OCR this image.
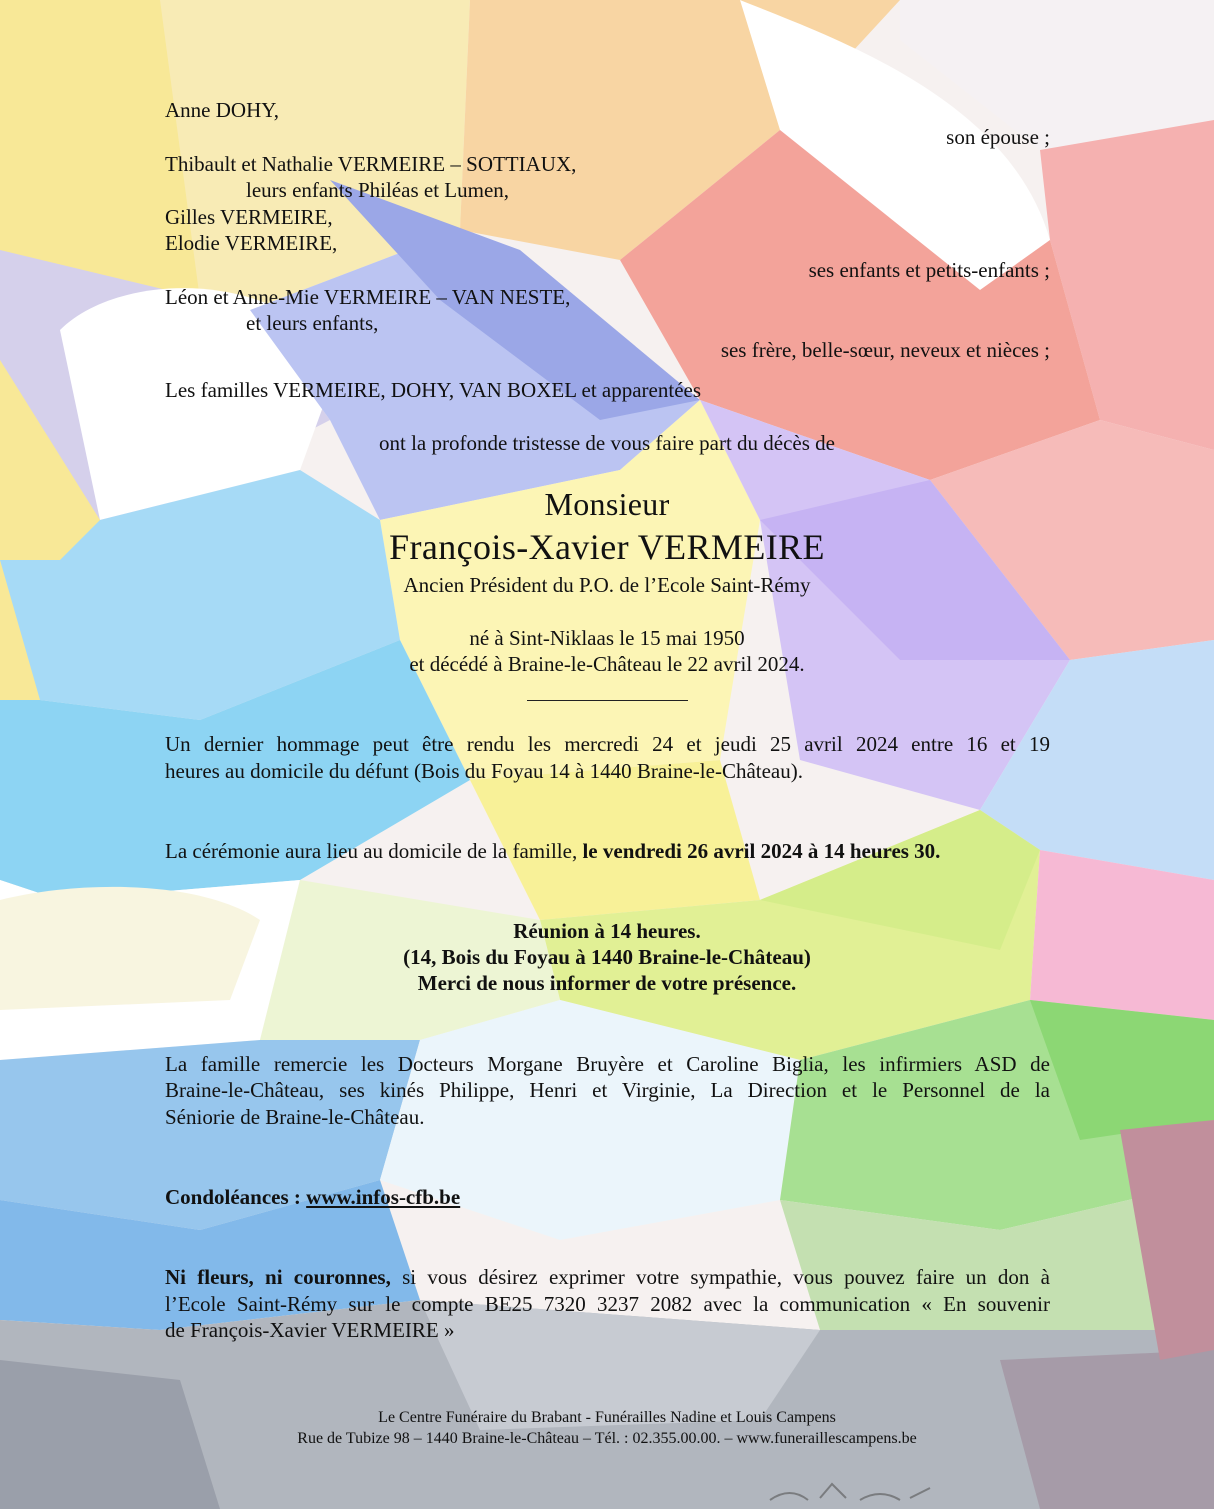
Anne DOHY,
son épouse ;
Thibault et Nathalie VERMEIRE – SOTTIAUX,
leurs enfants Philéas et Lumen,
Gilles VERMEIRE,
Elodie VERMEIRE,
ses enfants et petits-enfants ;
Léon et Anne-Mie VERMEIRE – VAN NESTE,
et leurs enfants,
ses frère, belle-sœur, neveux et nièces ;
Les familles VERMEIRE, DOHY, VAN BOXEL et apparentées
ont la profonde tristesse de vous faire part du décès de
Monsieur
François-Xavier VERMEIRE
Ancien Président du P.O. de l’Ecole Saint-Rémy
né à Sint-Niklaas le 15 mai 1950
et décédé à Braine-le-Château le 22 avril 2024.
Un dernier hommage peut être rendu les mercredi 24 et jeudi 25 avril 2024 entre 16 et 19
heures au domicile du défunt (Bois du Foyau 14 à 1440 Braine-le-Château).
La cérémonie aura lieu au domicile de la famille, le vendredi 26 avril 2024 à 14 heures 30.
Réunion à 14 heures.
(14, Bois du Foyau à 1440 Braine-le-Château)
Merci de nous informer de votre présence.
La famille remercie les Docteurs Morgane Bruyère et Caroline Biglia, les infirmiers ASD de
Braine-le-Château, ses kinés Philippe, Henri et Virginie, La Direction et le Personnel de la
Séniorie de Braine-le-Château.
Condoléances : www.infos-cfb.be
Ni fleurs, ni couronnes, si vous désirez exprimer votre sympathie, vous pouvez faire un don à
l’Ecole Saint-Rémy sur le compte BE25 7320 3237 2082 avec la communication « En souvenir
de François-Xavier VERMEIRE »
Le Centre Funéraire du Brabant - Funérailles Nadine et Louis Campens
Rue de Tubize 98 – 1440 Braine-le-Château – Tél. : 02.355.00.00. – www.funeraillescampens.be
